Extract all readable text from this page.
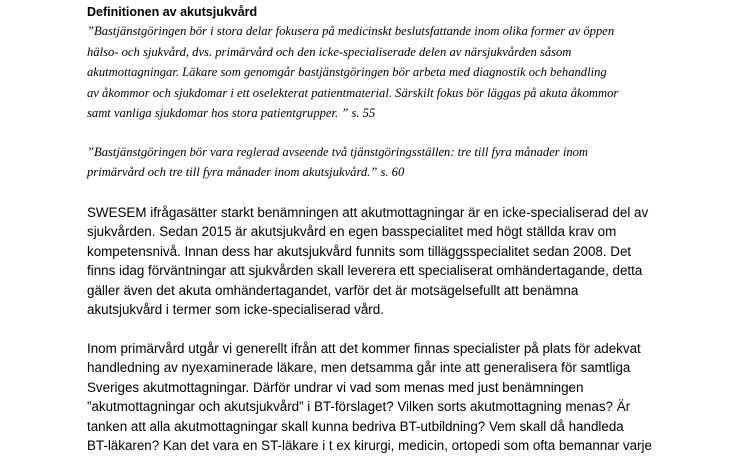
Definitionen av akutsjukvård
”Bastjänstgöringen bör i stora delar fokusera på medicinskt beslutsfattande inom olika former av öppen
hälso- och sjukvård, dvs. primärvård och den icke-specialiserade delen av närsjukvården såsom
akutmottagningar. Läkare som genomgår bastjänstgöringen bör arbeta med diagnostik och behandling
av åkommor och sjukdomar i ett oselekterat patientmaterial. Särskilt fokus bör läggas på akuta åkommor
samt vanliga sjukdomar hos stora patientgrupper. ” s. 55
”Bastjänstgöringen bör vara reglerad avseende två tjänstgöringsställen: tre till fyra månader inom
primärvård och tre till fyra månader inom akutsjukvård.” s. 60
SWESEM ifrågasätter starkt benämningen att akutmottagningar är en icke-specialiserad del av
sjukvården. Sedan 2015 är akutsjukvård en egen basspecialitet med högt ställda krav om
kompetensnivå. Innan dess har akutsjukvård funnits som tilläggsspecialitet sedan 2008. Det
finns idag förväntningar att sjukvården skall leverera ett specialiserat omhändertagande, detta
gäller även det akuta omhändertagandet, varför det är motsägelsefullt att benämna
akutsjukvård i termer som icke-specialiserad vård.
Inom primärvård utgår vi generellt ifrån att det kommer finnas specialister på plats för adekvat
handledning av nyexaminerade läkare, men detsamma går inte att generalisera för samtliga
Sveriges akutmottagningar. Därför undrar vi vad som menas med just benämningen
”akutmottagningar och akutsjukvård” i BT-förslaget? Vilken sorts akutmottagning menas? Är
tanken att alla akutmottagningar skall kunna bedriva BT-utbildning? Vem skall då handleda
BT-läkaren? Kan det vara en ST-läkare i t ex kirurgi, medicin, ortopedi som ofta bemannar varje
